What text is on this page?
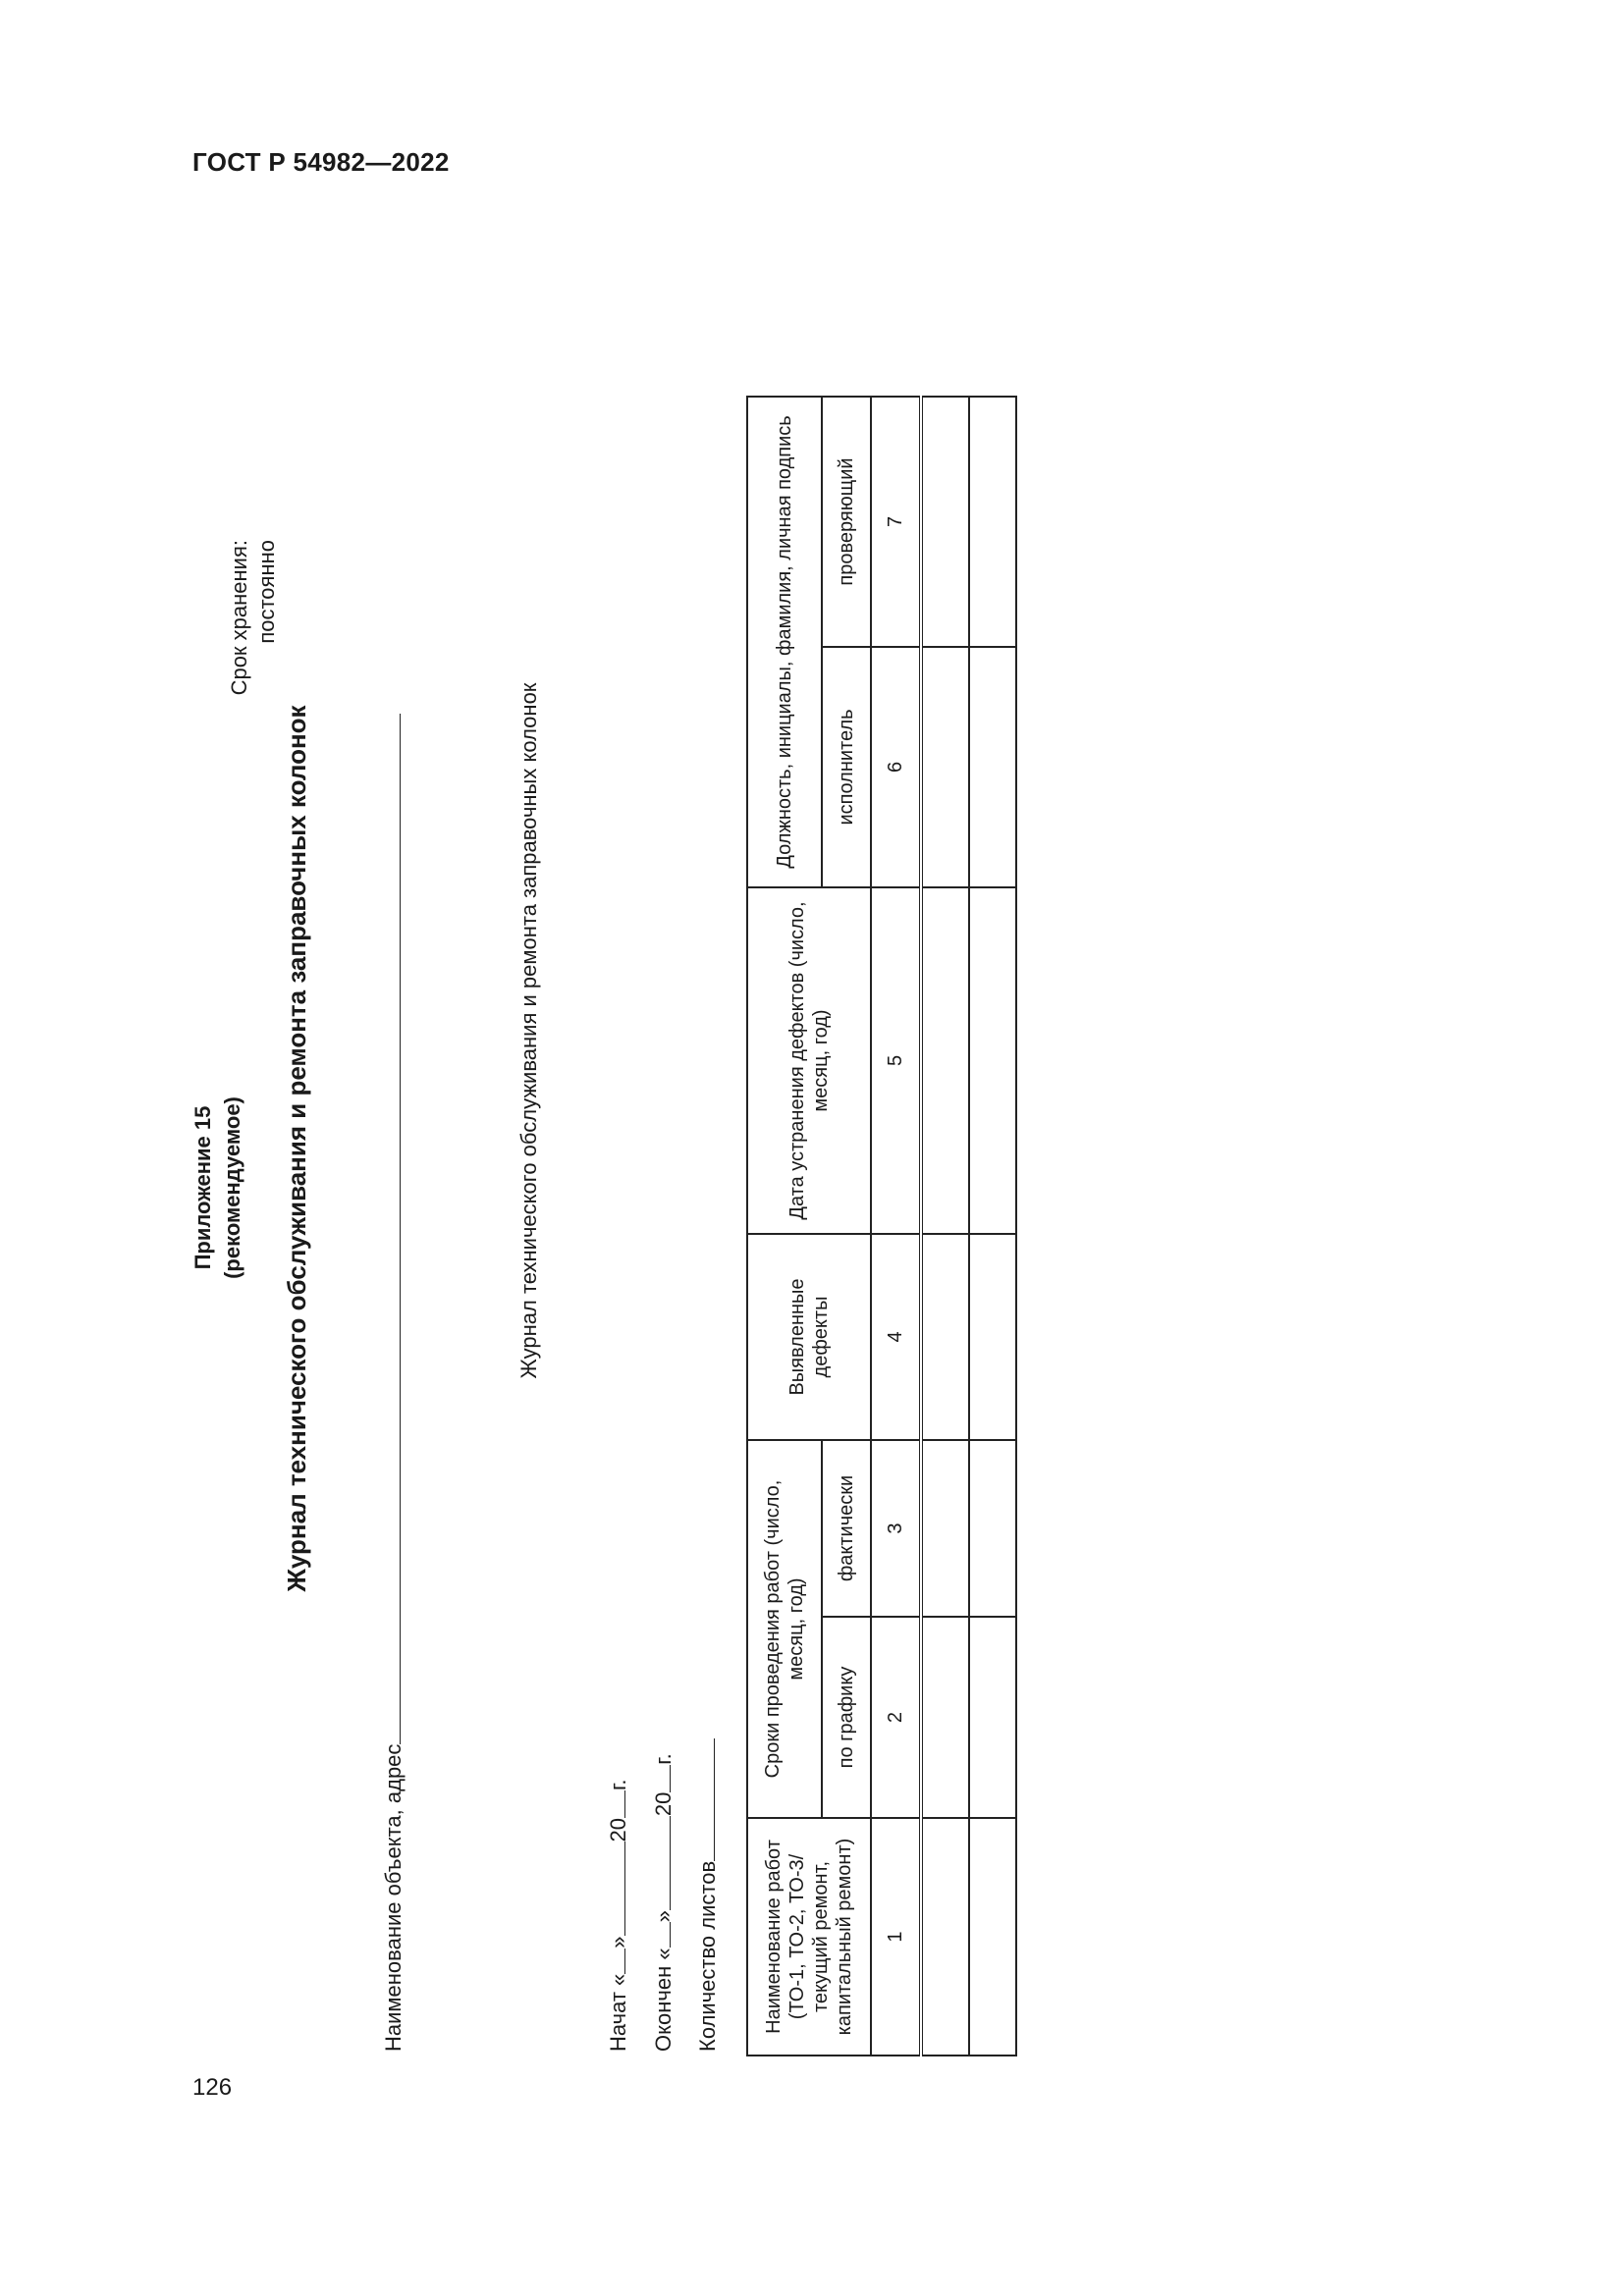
ГОСТ Р 54982—2022
Срок хранения: постоянно
Приложение 15 (рекомендуемое) Журнал технического обслуживания и ремонта заправочных колонок
Наименование объекта, адрес
Журнал технического обслуживания и ремонта заправочных колонок
Начат «»20г.
Окончен «»20г.
Количество листов Наименование работ (ТО-1, ТО-2, ТО-3/текущий ремонт, капитальный ремонт)	Сроки проведения работ (число, месяц, год)		Выявленные дефекты	Дата устранения дефектов (число, месяц, год)	Должность, инициалы, фамилия, личная подпись	
	по графику	фактически			исполнитель	проверяющий
1	2	3	4	5	6	7

126
